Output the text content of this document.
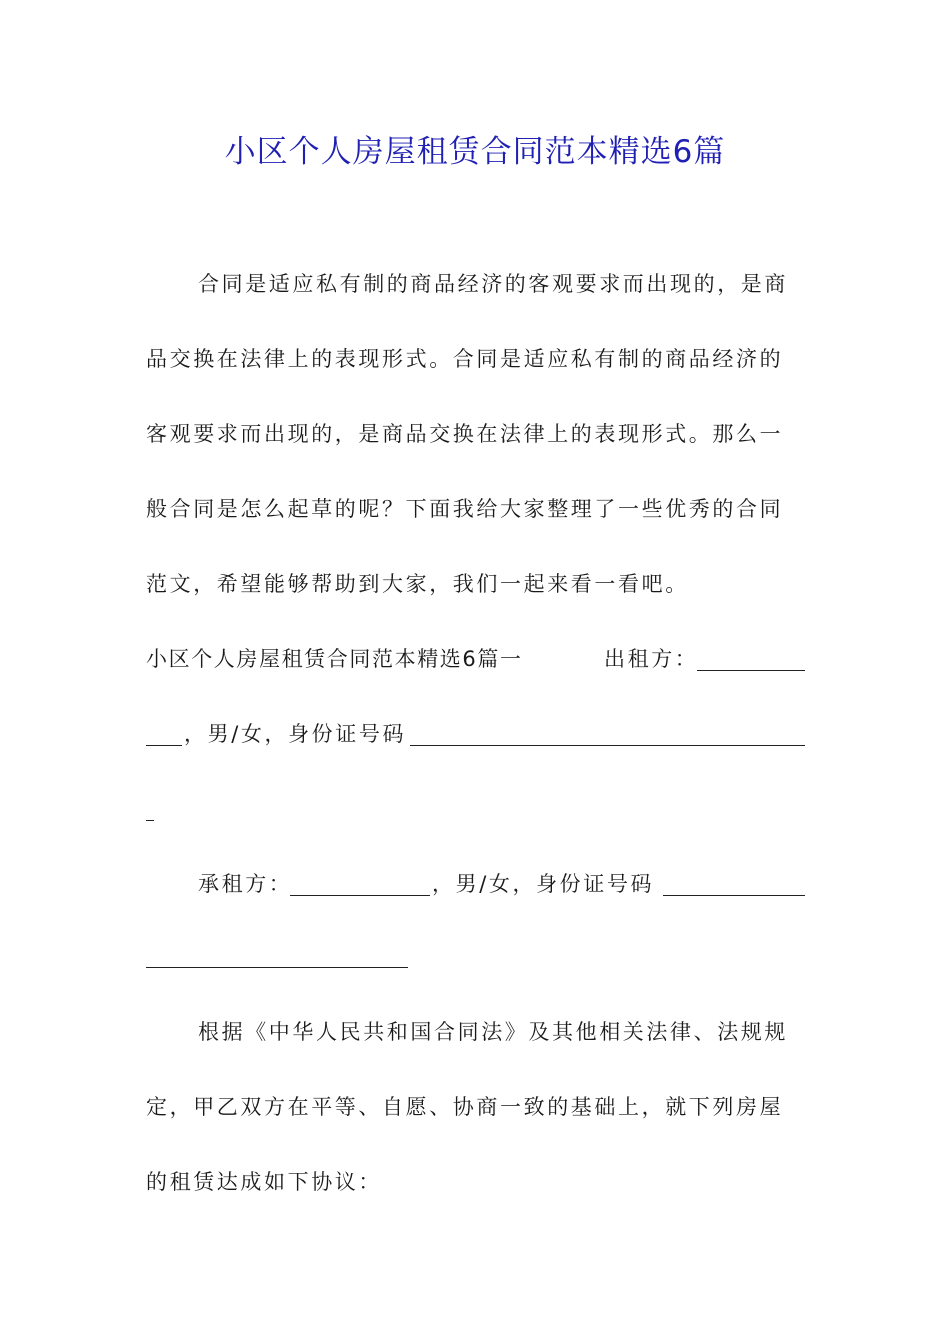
小区个人房屋租赁合同范本精选6篇
合同是适应私有制的商品经济的客观要求而出现的，是商
品交换在法律上的表现形式。合同是适应私有制的商品经济的
客观要求而出现的，是商品交换在法律上的表现形式。那么一
般合同是怎么起草的呢？下面我给大家整理了一些优秀的合同
范文，希望能够帮助到大家，我们一起来看一看吧。
小区个人房屋租赁合同范本精选6篇一	出租方：
，男/女，身份证号码
承租方：	，男/女，身份证号码
根据《中华人民共和国合同法》及其他相关法律、法规规
定，甲乙双方在平等、自愿、协商一致的基础上，就下列房屋
的租赁达成如下协议：
